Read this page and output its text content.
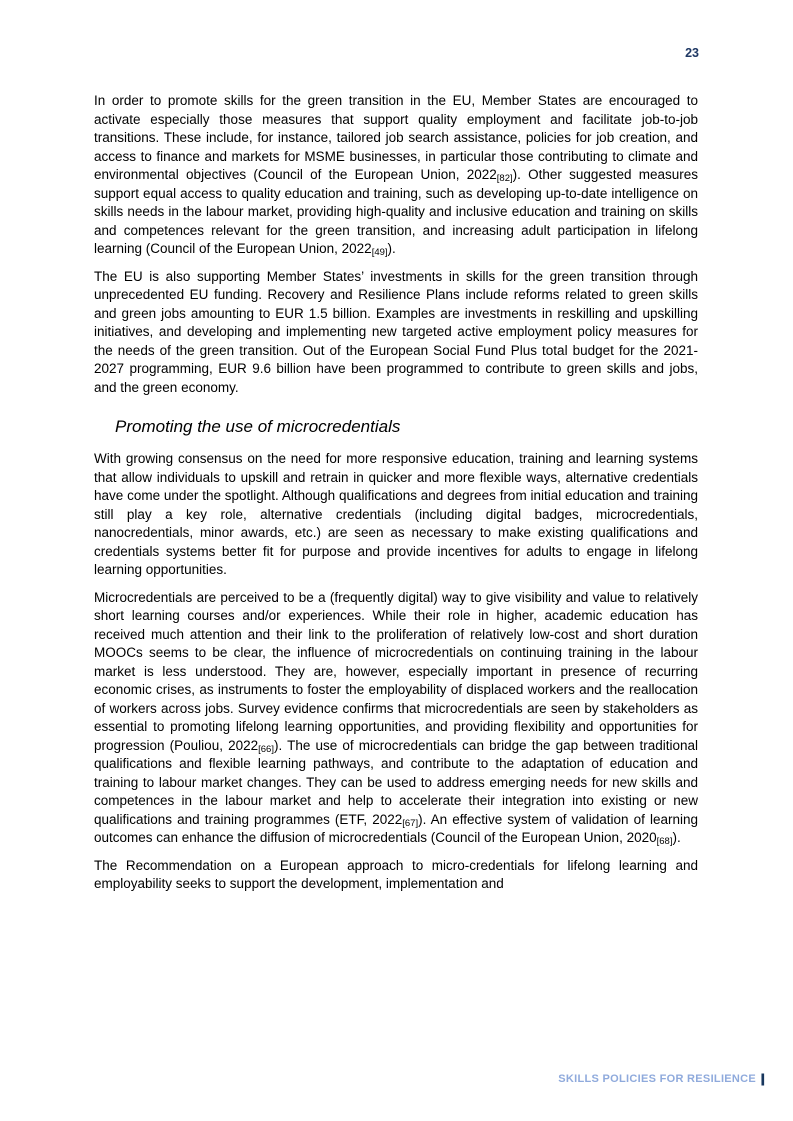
23

In order to promote skills for the green transition in the EU, Member States are encouraged to activate especially those measures that support quality employment and facilitate job-to-job transitions. These include, for instance, tailored job search assistance, policies for job creation, and access to finance and markets for MSME businesses, in particular those contributing to climate and environmental objectives (Council of the European Union, $2022_{[82]}$). Other suggested measures support equal access to quality education and training, such as developing up-to-date intelligence on skills needs in the labour market, providing high-quality and inclusive education and training on skills and competences relevant for the green transition, and increasing adult participation in lifelong learning (Council of the European Union, $2022_{[49]}$).

The EU is also supporting Member States’ investments in skills for the green transition through unprecedented EU funding. Recovery and Resilience Plans include reforms related to green skills and green jobs amounting to EUR 1.5 billion. Examples are investments in reskilling and upskilling initiatives, and developing and implementing new targeted active employment policy measures for the needs of the green transition. Out of the European Social Fund Plus total budget for the 2021-2027 programming, EUR 9.6 billion have been programmed to contribute to green skills and jobs, and the green economy.

Promoting the use of microcredentials

With growing consensus on the need for more responsive education, training and learning systems that allow individuals to upskill and retrain in quicker and more flexible ways, alternative credentials have come under the spotlight. Although qualifications and degrees from initial education and training still play a key role, alternative credentials (including digital badges, microcredentials, nanocredentials, minor awards, etc.) are seen as necessary to make existing qualifications and credentials systems better fit for purpose and provide incentives for adults to engage in lifelong learning opportunities.

Microcredentials are perceived to be a (frequently digital) way to give visibility and value to relatively short learning courses and/or experiences. While their role in higher, academic education has received much attention and their link to the proliferation of relatively low-cost and short duration MOOCs seems to be clear, the influence of microcredentials on continuing training in the labour market is less understood. They are, however, especially important in presence of recurring economic crises, as instruments to foster the employability of displaced workers and the reallocation of workers across jobs. Survey evidence confirms that microcredentials are seen by stakeholders as essential to promoting lifelong learning opportunities, and providing flexibility and opportunities for progression (Pouliou, $2022_{[66]}$). The use of microcredentials can bridge the gap between traditional qualifications and flexible learning pathways, and contribute to the adaptation of education and training to labour market changes. They can be used to address emerging needs for new skills and competences in the labour market and help to accelerate their integration into existing or new qualifications and training programmes (ETF, $2022_{[67]}$). An effective system of validation of learning outcomes can enhance the diffusion of microcredentials (Council of the European Union, $2020_{[68]}$).

The Recommendation on a European approach to micro-credentials for lifelong learning and employability seeks to support the development, implementation and

SKILLS POLICIES FOR RESILIENCE |
